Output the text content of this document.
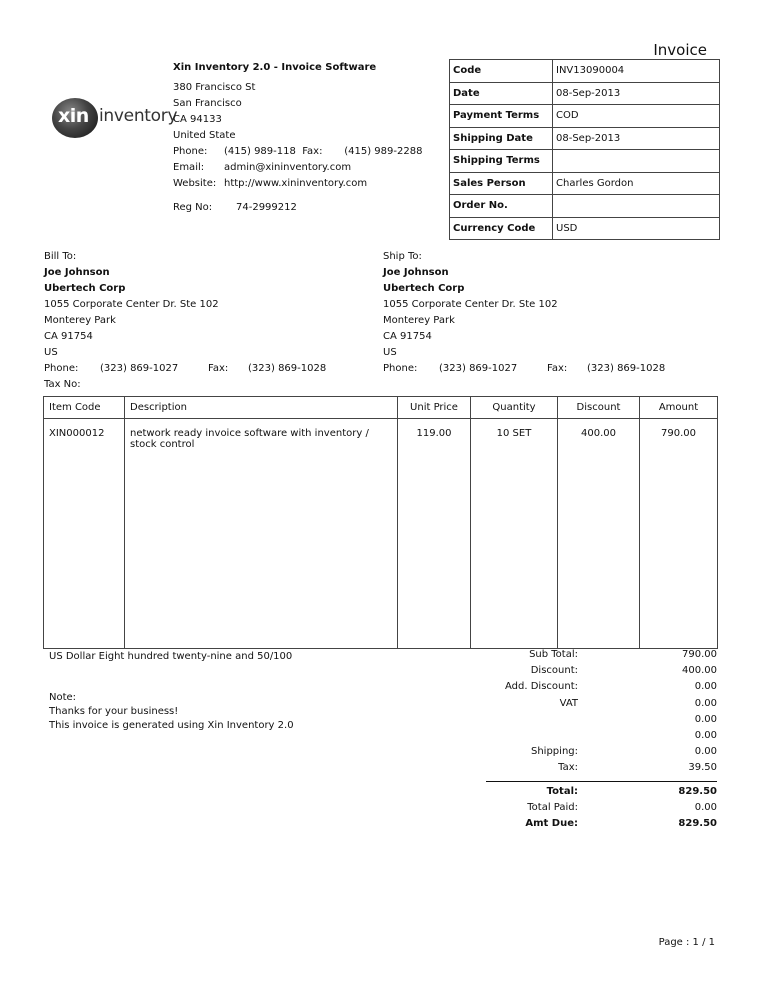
Invoice
xin inventory
Xin Inventory 2.0 - Invoice Software
380 Francisco St
San Francisco
CA 94133
United State
Phone: (415) 989-118 Fax: (415) 989-2288
Email: admin@xininventory.com
Website: http://www.xininventory.com
Reg No: 74-2999212
Code	INV13090004
Date	08-Sep-2013
Payment Terms	COD
Shipping Date	08-Sep-2013
Shipping Terms	
Sales Person	Charles Gordon
Order No.	
Currency Code	USD
Bill To:
Joe Johnson
Ubertech Corp
1055 Corporate Center Dr. Ste 102
Monterey Park
CA 91754
US
Phone: (323) 869-1027	Fax: (323) 869-1028
Tax No:
Ship To:
Joe Johnson
Ubertech Corp
1055 Corporate Center Dr. Ste 102
Monterey Park
CA 91754
US
Phone: (323) 869-1027	Fax: (323) 869-1028
Item Code	Description	Unit Price	Quantity	Discount	Amount
XIN000012	network ready invoice software with inventory / stock control	119.00	10 SET	400.00	790.00
US Dollar Eight hundred twenty-nine and 50/100
Note:
Thanks for your business!
This invoice is generated using Xin Inventory 2.0
Sub Total:	790.00
Discount:	400.00
Add. Discount:	0.00
VAT	0.00
0.00
0.00
Shipping:	0.00
Tax:	39.50
Total:	829.50
Total Paid:	0.00
Amt Due:	829.50
Page : 1 / 1
